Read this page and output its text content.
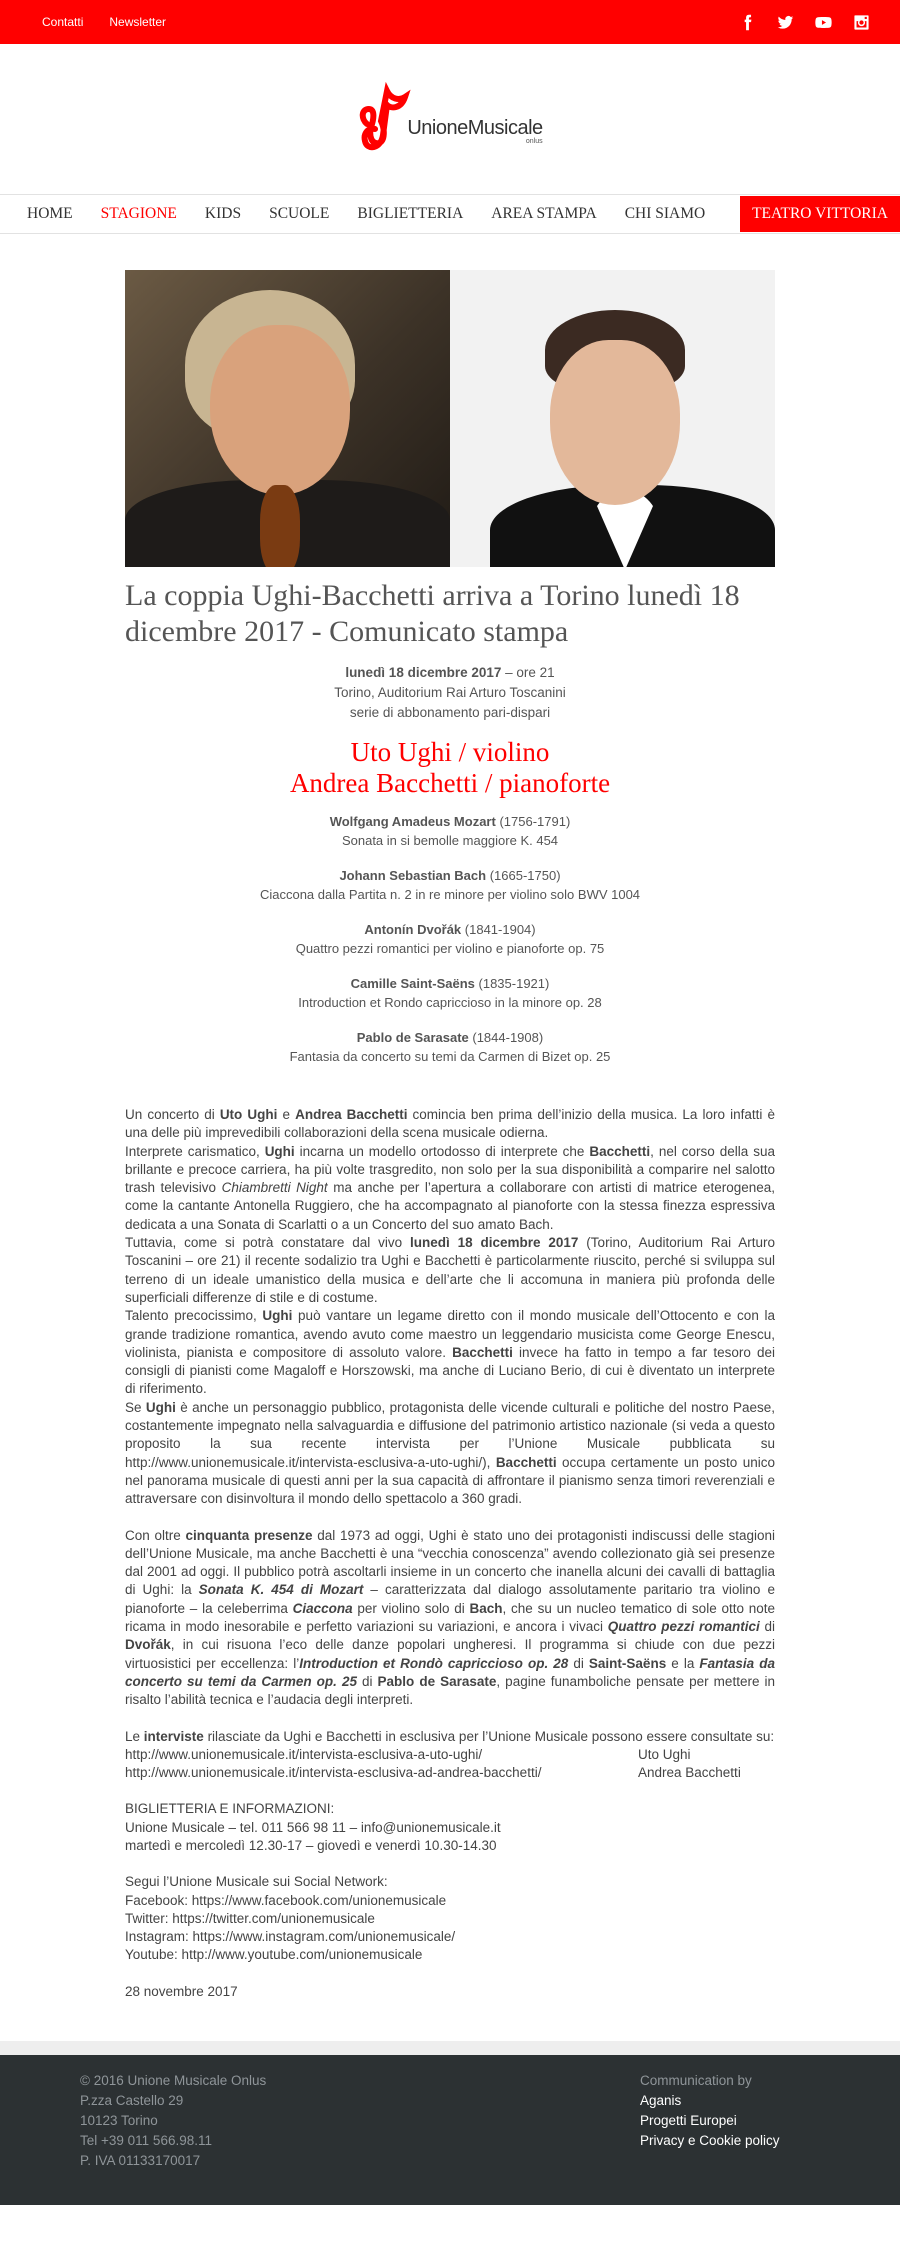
Contatti Newsletter
UnioneMusicale
onlus
HOME	STAGIONE	KIDS	SCUOLE	BIGLIETTERIA	AREA STAMPA	CHI SIAMO	TEATRO VITTORIA
La coppia Ughi-Bacchetti arriva a Torino lunedì 18 dicembre 2017 - Comunicato stampa
lunedì 18 dicembre 2017 – ore 21
Torino, Auditorium Rai Arturo Toscanini
serie di abbonamento pari-dispari
Uto Ughi / violino
Andrea Bacchetti / pianoforte
Wolfgang Amadeus Mozart (1756-1791)
Sonata in si bemolle maggiore K. 454
Johann Sebastian Bach (1665-1750)
Ciaccona dalla Partita n. 2 in re minore per violino solo BWV 1004
Antonín Dvořák (1841-1904)
Quattro pezzi romantici per violino e pianoforte op. 75
Camille Saint-Saëns (1835-1921)
Introduction et Rondo capriccioso in la minore op. 28
Pablo de Sarasate (1844-1908)
Fantasia da concerto su temi da Carmen di Bizet op. 25

Un concerto di Uto Ughi e Andrea Bacchetti comincia ben prima dell’inizio della musica. La loro infatti è una delle più imprevedibili collaborazioni della scena musicale odierna.

Interprete carismatico, Ughi incarna un modello ortodosso di interprete che Bacchetti, nel corso della sua brillante e precoce carriera, ha più volte trasgredito, non solo per la sua disponibilità a comparire nel salotto trash televisivo Chiambretti Night ma anche per l’apertura a collaborare con artisti di matrice eterogenea, come la cantante Antonella Ruggiero, che ha accompagnato al pianoforte con la stessa finezza espressiva dedicata a una Sonata di Scarlatti o a un Concerto del suo amato Bach.

Tuttavia, come si potrà constatare dal vivo lunedì 18 dicembre 2017 (Torino, Auditorium Rai Arturo Toscanini – ore 21) il recente sodalizio tra Ughi e Bacchetti è particolarmente riuscito, perché si sviluppa sul terreno di un ideale umanistico della musica e dell’arte che li accomuna in maniera più profonda delle superficiali differenze di stile e di costume.

Talento precocissimo, Ughi può vantare un legame diretto con il mondo musicale dell’Ottocento e con la grande tradizione romantica, avendo avuto come maestro un leggendario musicista come George Enescu, violinista, pianista e compositore di assoluto valore. Bacchetti invece ha fatto in tempo a far tesoro dei consigli di pianisti come Magaloff e Horszowski, ma anche di Luciano Berio, di cui è diventato un interprete di riferimento.

Se Ughi è anche un personaggio pubblico, protagonista delle vicende culturali e politiche del nostro Paese, costantemente impegnato nella salvaguardia e diffusione del patrimonio artistico nazionale (si veda a questo proposito la sua recente intervista per l’Unione Musicale pubblicata su http://www.unionemusicale.it/intervista-esclusiva-a-uto-ughi/), Bacchetti occupa certamente un posto unico nel panorama musicale di questi anni per la sua capacità di affrontare il pianismo senza timori reverenziali e attraversare con disinvoltura il mondo dello spettacolo a 360 gradi.

Con oltre cinquanta presenze dal 1973 ad oggi, Ughi è stato uno dei protagonisti indiscussi delle stagioni dell’Unione Musicale, ma anche Bacchetti è una “vecchia conoscenza” avendo collezionato già sei presenze dal 2001 ad oggi. Il pubblico potrà ascoltarli insieme in un concerto che inanella alcuni dei cavalli di battaglia di Ughi: la Sonata K. 454 di Mozart – caratterizzata dal dialogo assolutamente paritario tra violino e pianoforte – la celeberrima Ciaccona per violino solo di Bach, che su un nucleo tematico di sole otto note ricama in modo inesorabile e perfetto variazioni su variazioni, e ancora i vivaci Quattro pezzi romantici di Dvořák, in cui risuona l’eco delle danze popolari ungheresi. Il programma si chiude con due pezzi virtuosistici per eccellenza: l’Introduction et Rondò capriccioso op. 28 di Saint-Saëns e la Fantasia da concerto su temi da Carmen op. 25 di Pablo de Sarasate, pagine funamboliche pensate per mettere in risalto l’abilità tecnica e l’audacia degli interpreti.

Le interviste rilasciate da Ughi e Bacchetti in esclusiva per l’Unione Musicale possono essere consultate su:

http://www.unionemusicale.it/intervista-esclusiva-a-uto-ughi/	Uto Ughi
http://www.unionemusicale.it/intervista-esclusiva-ad-andrea-bacchetti/	Andrea Bacchetti
BIGLIETTERIA E INFORMAZIONI:
Unione Musicale – tel. 011 566 98 11 – info@unionemusicale.it
martedì e mercoledì 12.30-17 – giovedì e venerdì 10.30-14.30
Segui l’Unione Musicale sui Social Network:
Facebook: https://www.facebook.com/unionemusicale
Twitter: https://twitter.com/unionemusicale
Instagram: https://www.instagram.com/unionemusicale/
Youtube: http://www.youtube.com/unionemusicale
28 novembre 2017
© 2016 Unione Musicale Onlus
P.zza Castello 29
10123 Torino
Tel +39 011 566.98.11
P. IVA 01133170017
Communication by
Aganis
Progetti Europei
Privacy e Cookie policy
